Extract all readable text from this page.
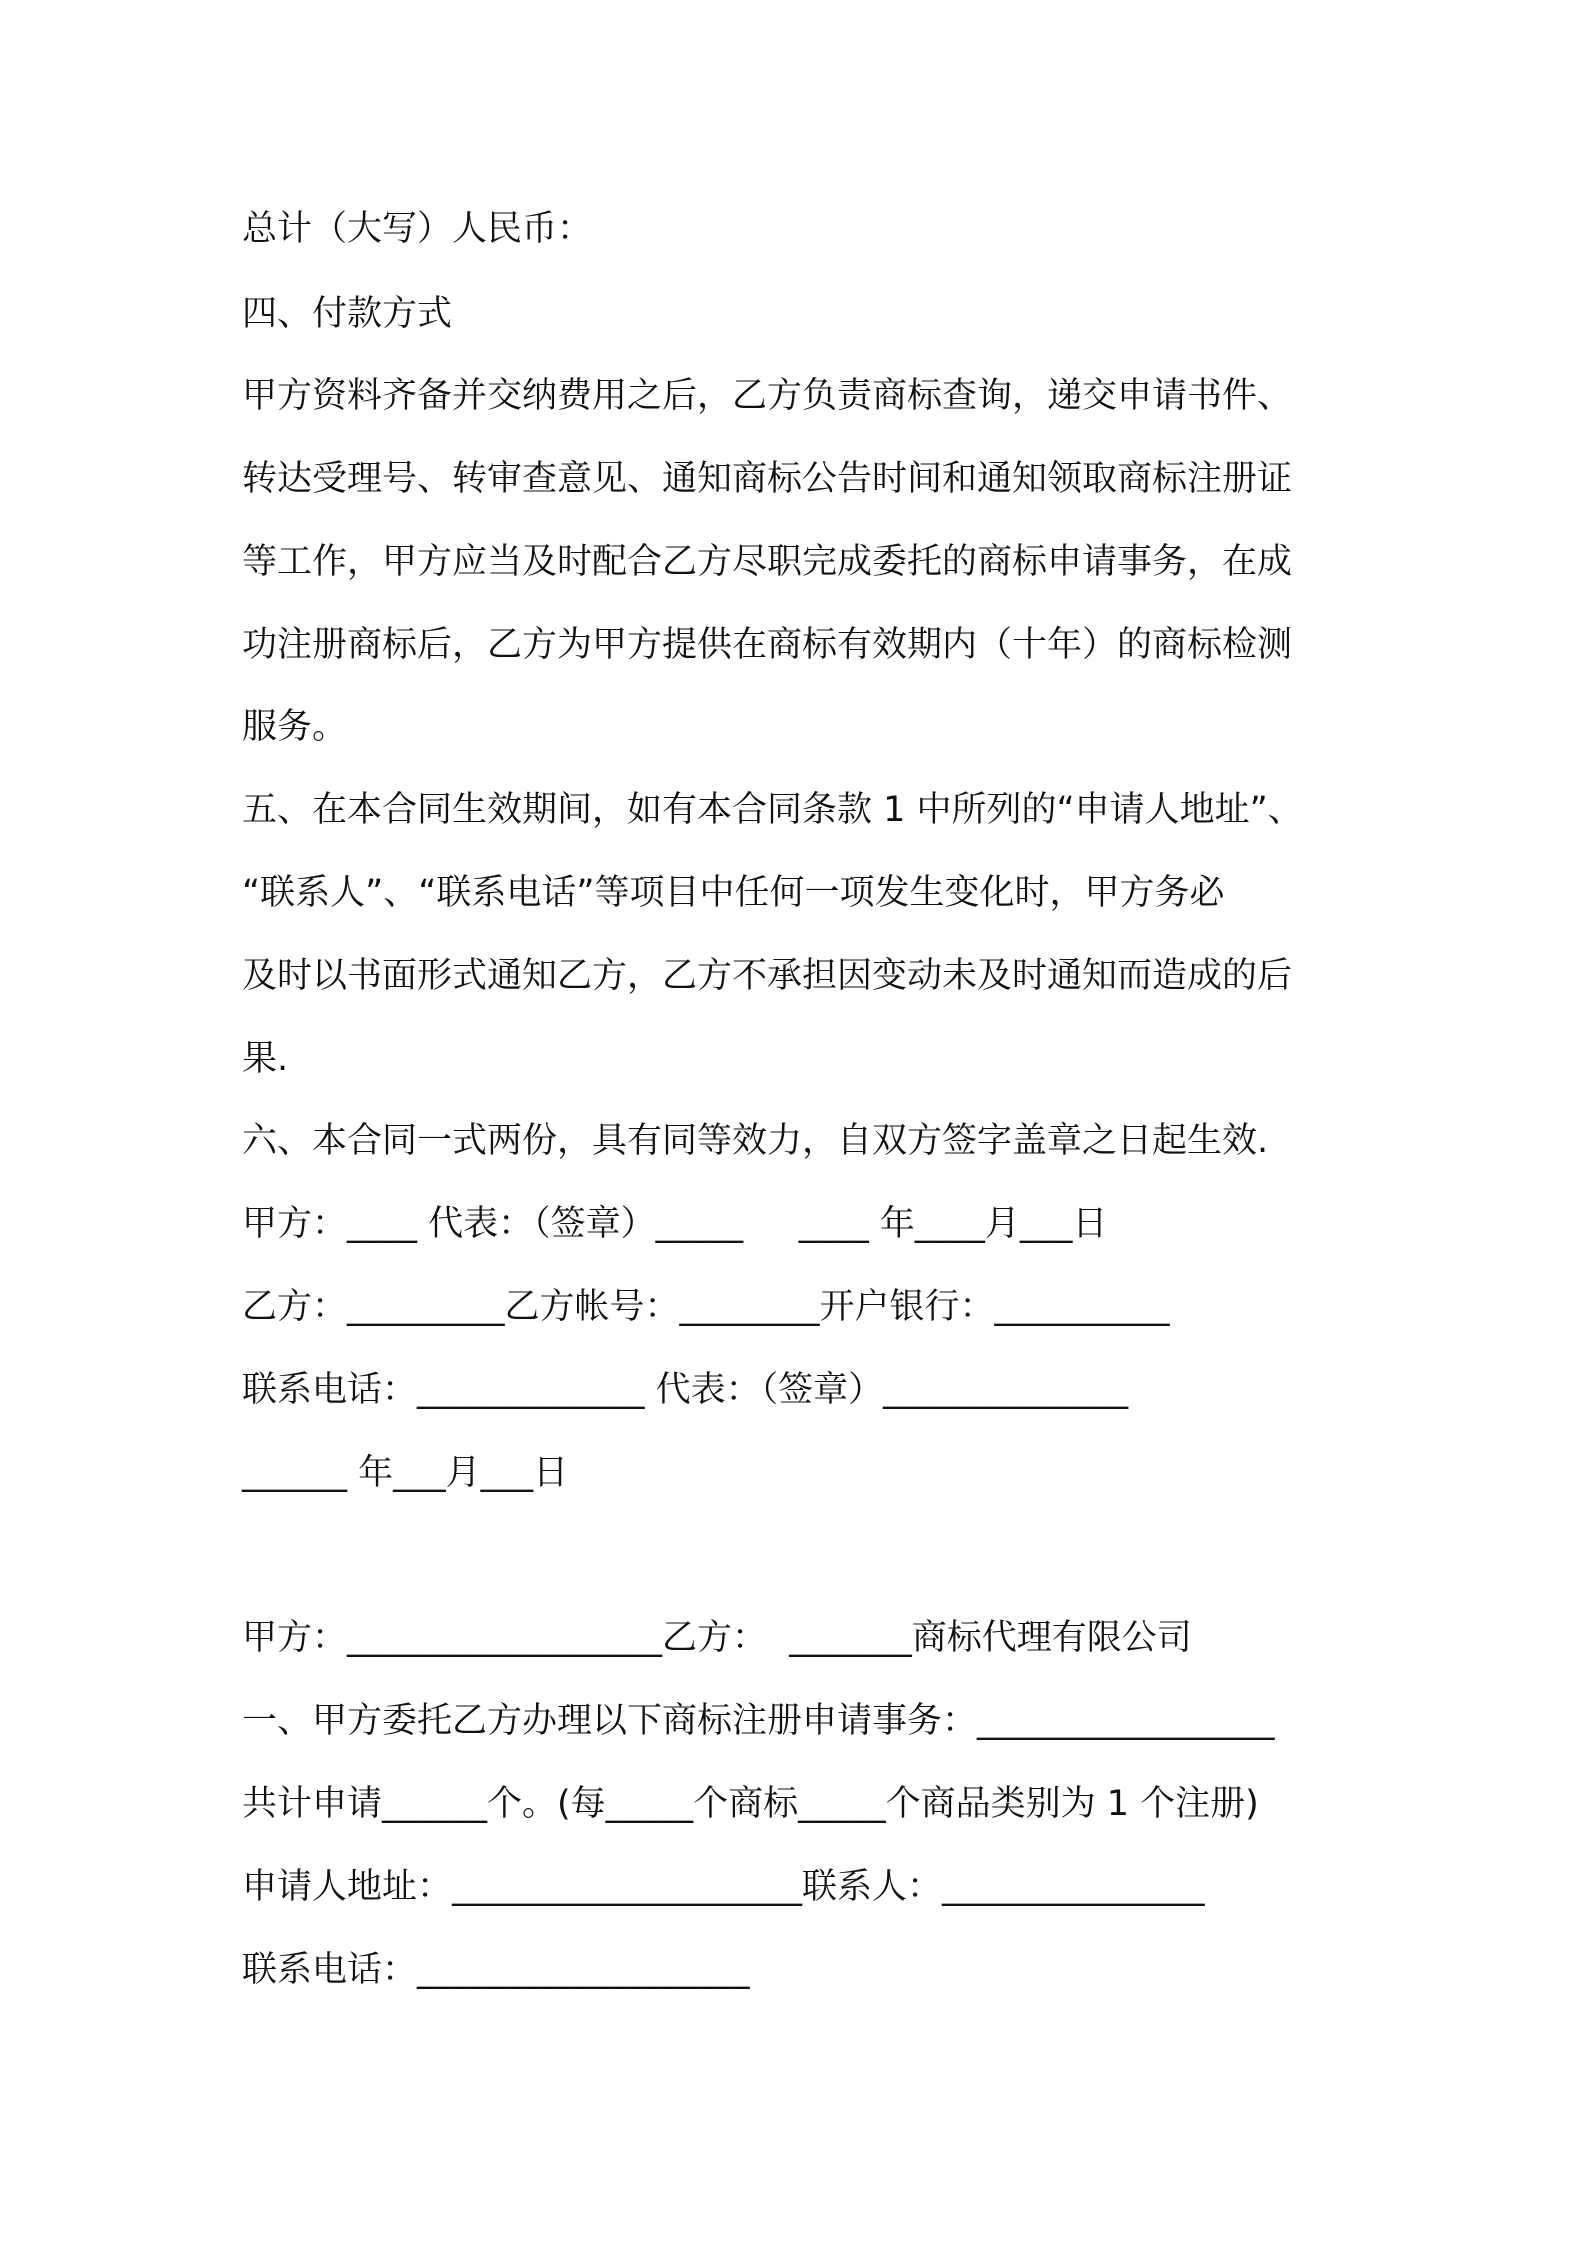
总计（大写）人民币：
四、付款方式
甲方资料齐备并交纳费用之后，乙方负责商标查询，递交申请书件、
转达受理号、转审查意见、通知商标公告时间和通知领取商标注册证
等工作，甲方应当及时配合乙方尽职完成委托的商标申请事务，在成
功注册商标后，乙方为甲方提供在商标有效期内（十年）的商标检测
服务。
五、在本合同生效期间，如有本合同条款 1 中所列的“申请人地址”、
“联系人”、“联系电话”等项目中任何一项发生变化时，甲方务必
及时以书面形式通知乙方，乙方不承担因变动未及时通知而造成的后
果.
六、本合同一式两份，具有同等效力，自双方签字盖章之日起生效.
甲方：____ 代表：（签章）_____     ____ 年____月___日
乙方：_________乙方帐号：________开户银行：__________
联系电话：_____________ 代表：（签章）______________
______ 年___月___日
甲方：__________________乙方：  _______商标代理有限公司
一、甲方委托乙方办理以下商标注册申请事务：_________________
共计申请______个。(每_____个商标_____个商品类别为 1 个注册)
申请人地址：____________________联系人：_______________
联系电话：___________________
